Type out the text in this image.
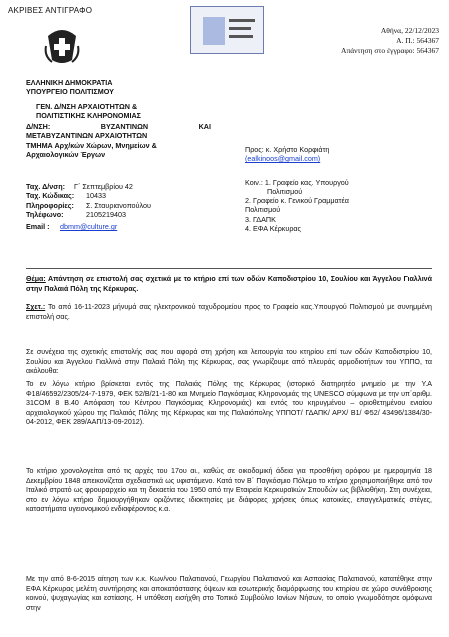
ΑΚΡΙΒΕΣ ΑΝΤΙΓΡΑΦΟ
Αθήνα, 22/12/2023
Α. Π.: 564367
Απάντηση στο έγγραφο: 564367
ΕΛΛΗΝΙΚΗ ΔΗΜΟΚΡΑΤΙΑ
ΥΠΟΥΡΓΕΙΟ ΠΟΛΙΤΙΣΜΟΥ
ΓΕΝ. Δ/ΝΣΗ ΑΡΧΑΙΟΤΗΤΩΝ &
ΠΟΛΙΤΙΣΤΙΚΗΣ ΚΛΗΡΟΝΟΜΙΑΣ
Δ/ΝΣΗ: ΒΥΖΑΝΤΙΝΩΝ ΚΑΙ
ΜΕΤΑΒΥΖΑΝΤΙΝΩΝ ΑΡΧΑΙΟΤΗΤΩΝ
ΤΜΗΜΑ Αρχ/κών Χώρων, Μνημείων &
Αρχαιολογικών Έργων
Ταχ. Δ/νση:	Γ΄ Σεπτεμβρίου 42
Ταχ. Κώδικας:	10433
Πληροφορίες:	Σ. Σταυριανοπούλου
Τηλέφωνο:	2105219403
Email :	dbmm@culture.gr
Προς: κ. Χρήστο Κορφιάτη
(ealkinoos@gmail.com)
Κοιν.: 1. Γραφείο κας. Υπουργού
Πολιτισμού
2. Γραφείο κ. Γενικού Γραμματέα
Πολιτισμού
3. ΓΔΑΠΚ
4. ΕΦΑ Κέρκυρας
Θέμα: Απάντηση σε επιστολή σας σχετικά με το κτήριο επί των οδών Καποδιστρίου 10, Σουλίου και Άγγελου Γιαλλινά στην Παλαιά Πόλη της Κέρκυρας.
Σχετ.: Το από 16-11-2023 μήνυμά σας ηλεκτρονικού ταχυδρομείου προς το Γραφείο κας.Υπουργού Πολιτισμού με συνημμένη επιστολή σας.
Σε συνέχεια της σχετικής επιστολής σας που αφορά στη χρήση και λειτουργία του κτηρίου επί των οδών Καποδιστρίου 10, Σουλίου και Άγγελου Γιαλλινά στην Παλαιά Πόλη της Κέρκυρας, σας γνωρίζουμε από πλευράς αρμοδιοτήτων του ΥΠΠΟ, τα ακόλουθα:
Το εν λόγω κτήριο βρίσκεται εντός της Παλαιάς Πόλης της Κέρκυρας (ιστορικό διατηρητέο μνημείο με την Υ.Α Φ18/46592/2305/24-7-1979, ΦΕΚ 52/Β/21-1-80 και Μνημείο Παγκόσμιας Κληρονομιάς της UNESCO σύμφωνα με την υπ΄αριθμ. 31COM 8 B.40 Απόφαση του Κέντρου Παγκόσμιας Κληρονομιάς) και εντός του κηρυγμένου – οριοθετημένου ενιαίου αρχαιολογικού χώρου της Παλαιάς Πόλης της Κέρκυρας και της Παλαιόπολης ΥΠΠΟΤ/ ΓΔΑΠΚ/ ΑΡΧ/ Β1/ Φ52/ 43496/1384/30-04-2012, ΦΕΚ 289/ΑΑΠ/13-09-2012).
Το κτήριο χρονολογείται από τις αρχές του 17ου αι., καθώς σε οικοδομική άδεια για προσθήκη ορόφου με ημερομηνία 18 Δεκεμβρίου 1848 απεικονίζεται σχεδιαστικά ως υφιστάμενο. Κατά τον Β΄ Παγκόσμιο Πόλεμο το κτήριο χρησιμοποιήθηκε από τον Ιταλικό στρατό ως φρουραρχείο και τη δεκαετία του 1950 από την Εταιρεία Κερκυραϊκών Σπουδών ως βιβλιοθήκη. Στη συνέχεια, στο εν λόγω κτήριο δημιουργήθηκαν οριζόντιες ιδιοκτησίες με διάφορες χρήσεις όπως κατοικίες, επαγγελματικές στέγες, καταστήματα υγειονομικού ενδιαφέροντος κ.α.
Με την από 8-6-2015 αίτηση των κ.κ. Κων/νου Παλατιανού, Γεωργίου Παλατιανού και Ασπασίας Παλατιανού, κατατέθηκε στην ΕΦΑ Κέρκυρας μελέτη συντήρησης και αποκατάστασης όψεων και εσωτερικής διαμόρφωσης του κτηρίου σε χώρο συνάθροισης κοινού, ψυχαγωγίας και εστίασης. Η υπόθεση εισήχθη στο Τοπικό Συμβούλιο Ιονίων Νήσων, το οποίο γνωμοδότησε ομόφωνα στην
